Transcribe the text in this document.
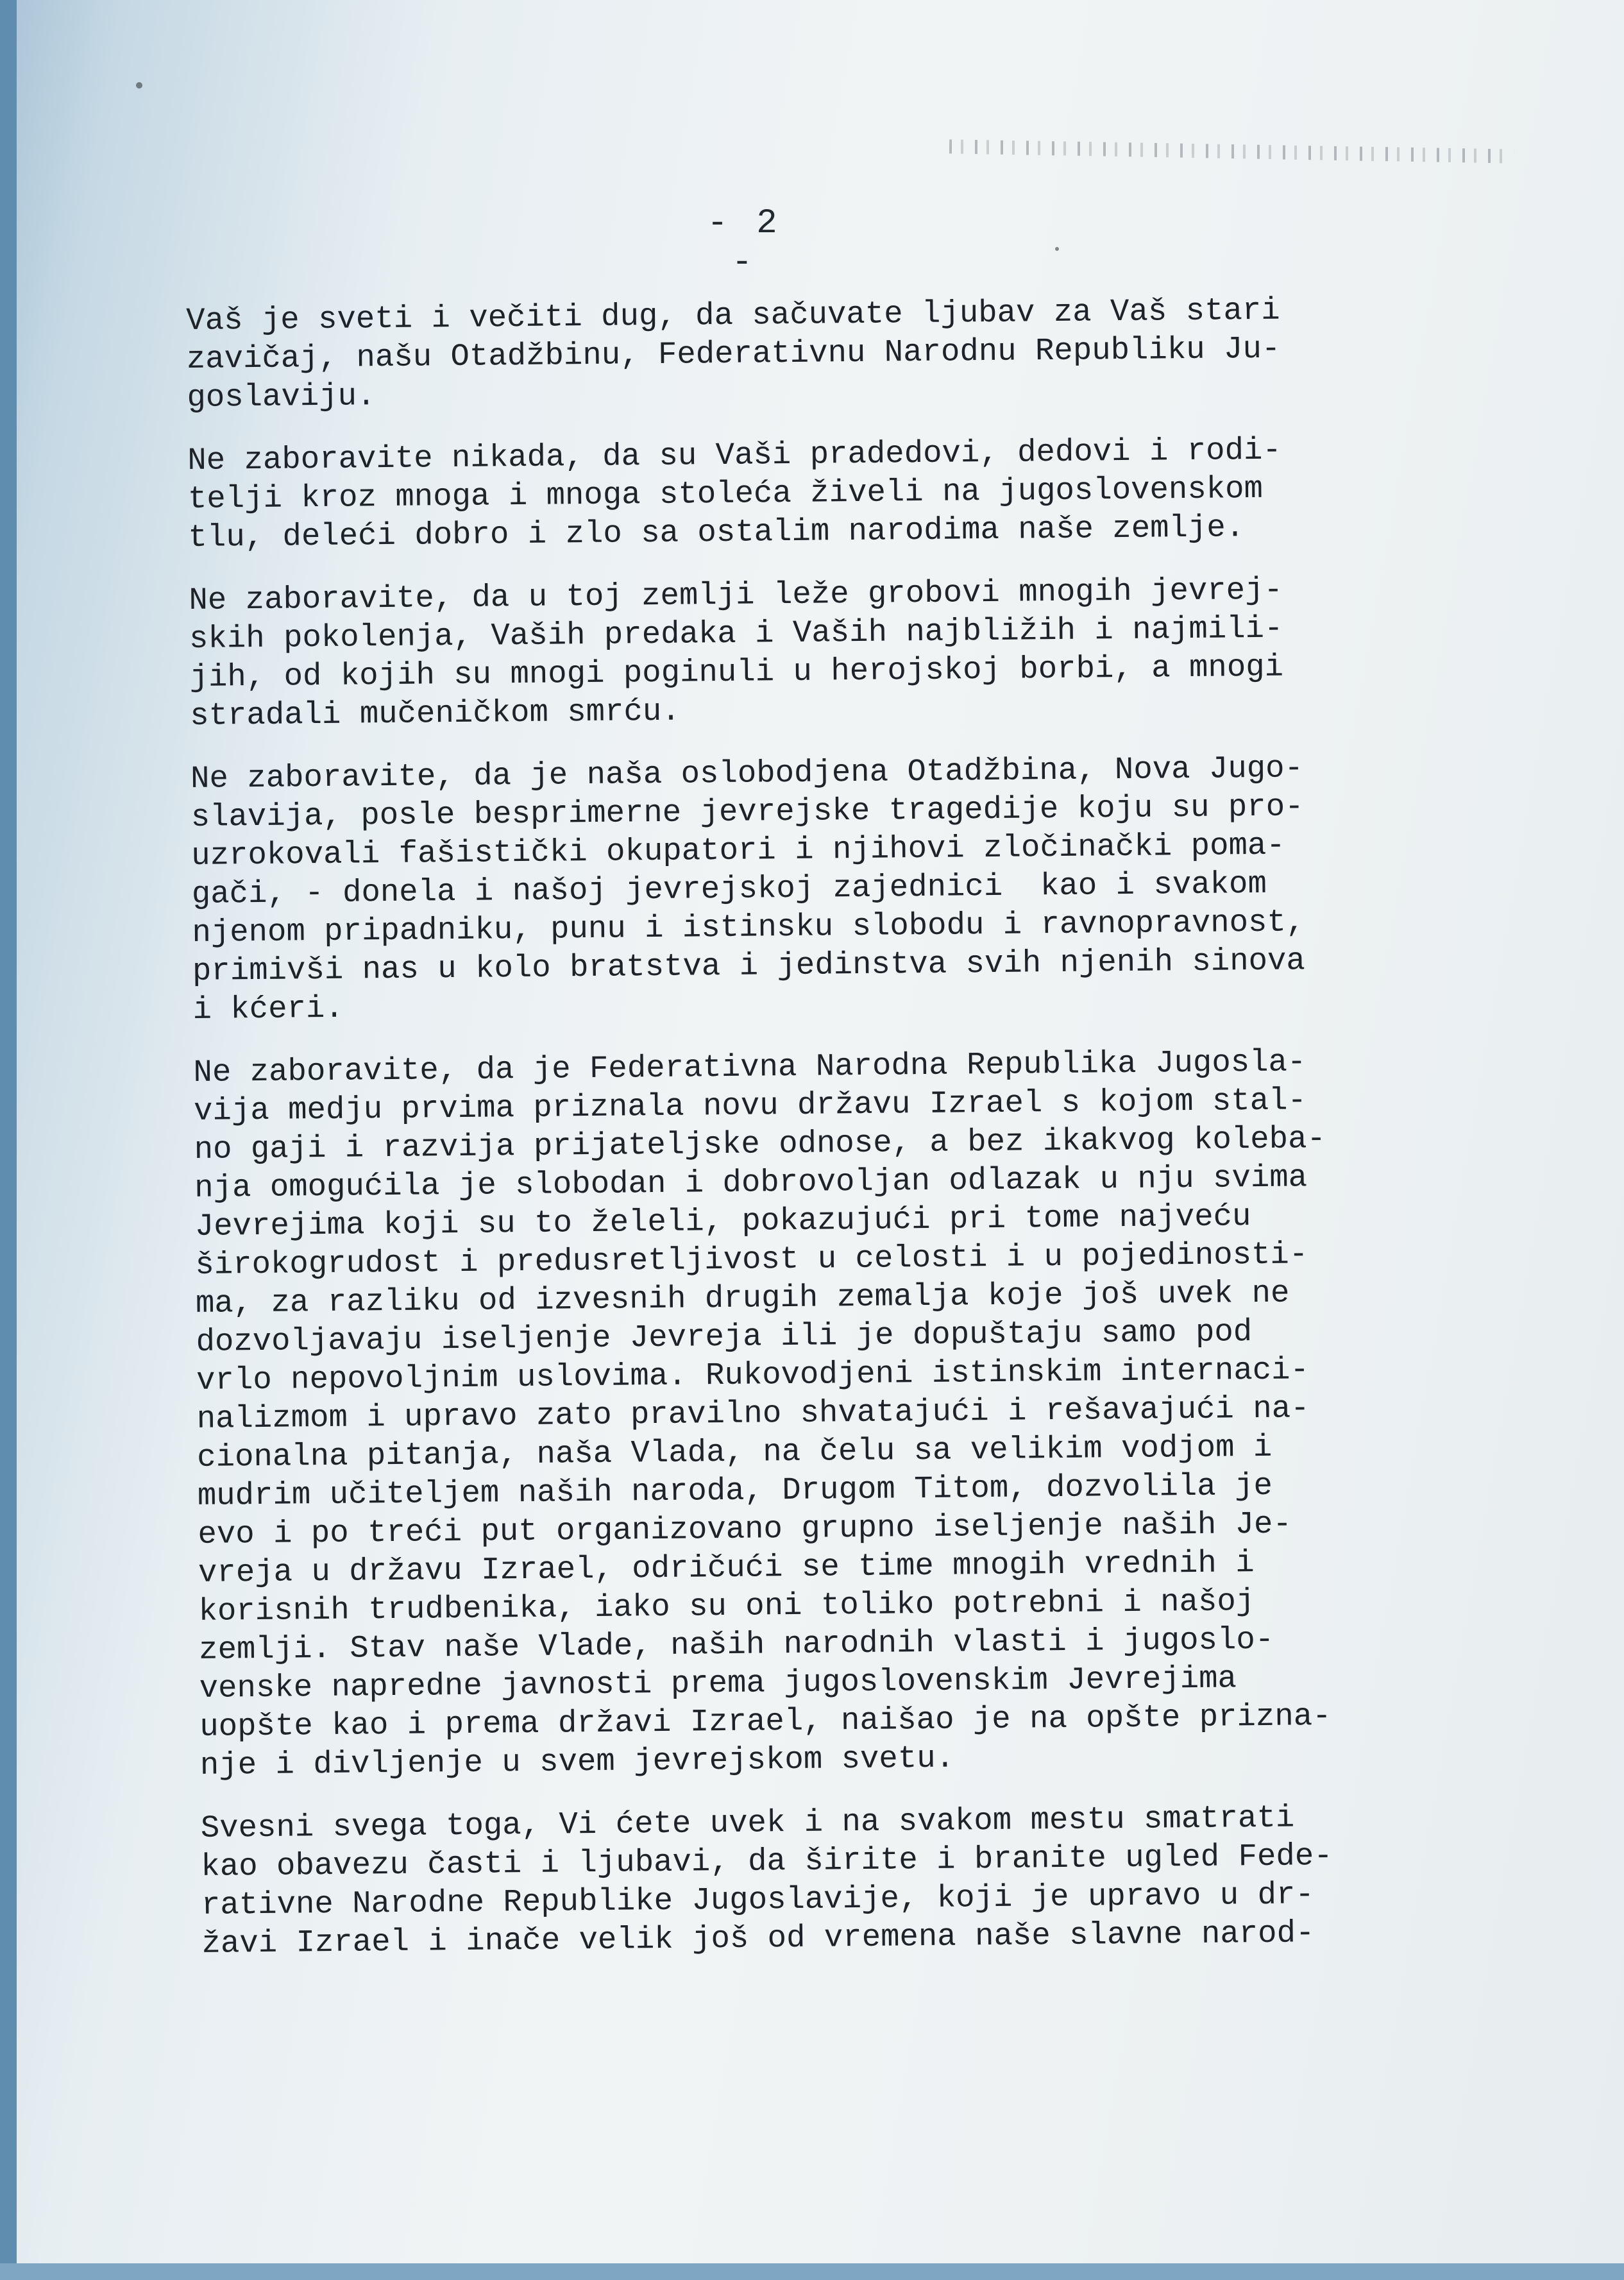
- 2 -
Vaš je sveti i večiti dug, da sačuvate ljubav za Vaš stari
zavičaj, našu Otadžbinu, Federativnu Narodnu Republiku Ju-
goslaviju.
Ne zaboravite nikada, da su Vaši pradedovi, dedovi i rodi-
telji kroz mnoga i mnoga stoleća živeli na jugoslovenskom
tlu, deleći dobro i zlo sa ostalim narodima naše zemlje.
Ne zaboravite, da u toj zemlji leže grobovi mnogih jevrej-
skih pokolenja, Vaših predaka i Vaših najbližih i najmili-
jih, od kojih su mnogi poginuli u herojskoj borbi, a mnogi
stradali mučeničkom smrću.
Ne zaboravite, da je naša oslobodjena Otadžbina, Nova Jugo-
slavija, posle besprimerne jevrejske tragedije koju su pro-
uzrokovali fašistički okupatori i njihovi zločinački poma-
gači, - donela i našoj jevrejskoj zajednici  kao i svakom
njenom pripadniku, punu i istinsku slobodu i ravnopravnost,
primivši nas u kolo bratstva i jedinstva svih njenih sinova
i kćeri.
Ne zaboravite, da je Federativna Narodna Republika Jugosla-
vija medju prvima priznala novu državu Izrael s kojom stal-
no gaji i razvija prijateljske odnose, a bez ikakvog koleba-
nja omogućila je slobodan i dobrovoljan odlazak u nju svima
Jevrejima koji su to želeli, pokazujući pri tome najveću
širokogrudost i predusretljivost u celosti i u pojedinosti-
ma, za razliku od izvesnih drugih zemalja koje još uvek ne
dozvoljavaju iseljenje Jevreja ili je dopuštaju samo pod
vrlo nepovoljnim uslovima. Rukovodjeni istinskim internaci-
nalizmom i upravo zato pravilno shvatajući i rešavajući na-
cionalna pitanja, naša Vlada, na čelu sa velikim vodjom i
mudrim učiteljem naših naroda, Drugom Titom, dozvolila je
evo i po treći put organizovano grupno iseljenje naših Je-
vreja u državu Izrael, odričući se time mnogih vrednih i
korisnih trudbenika, iako su oni toliko potrebni i našoj
zemlji. Stav naše Vlade, naših narodnih vlasti i jugoslo-
venske napredne javnosti prema jugoslovenskim Jevrejima
uopšte kao i prema državi Izrael, naišao je na opšte prizna-
nje i divljenje u svem jevrejskom svetu.
Svesni svega toga, Vi ćete uvek i na svakom mestu smatrati
kao obavezu časti i ljubavi, da širite i branite ugled Fede-
rativne Narodne Republike Jugoslavije, koji je upravo u dr-
žavi Izrael i inače velik još od vremena naše slavne narod-
